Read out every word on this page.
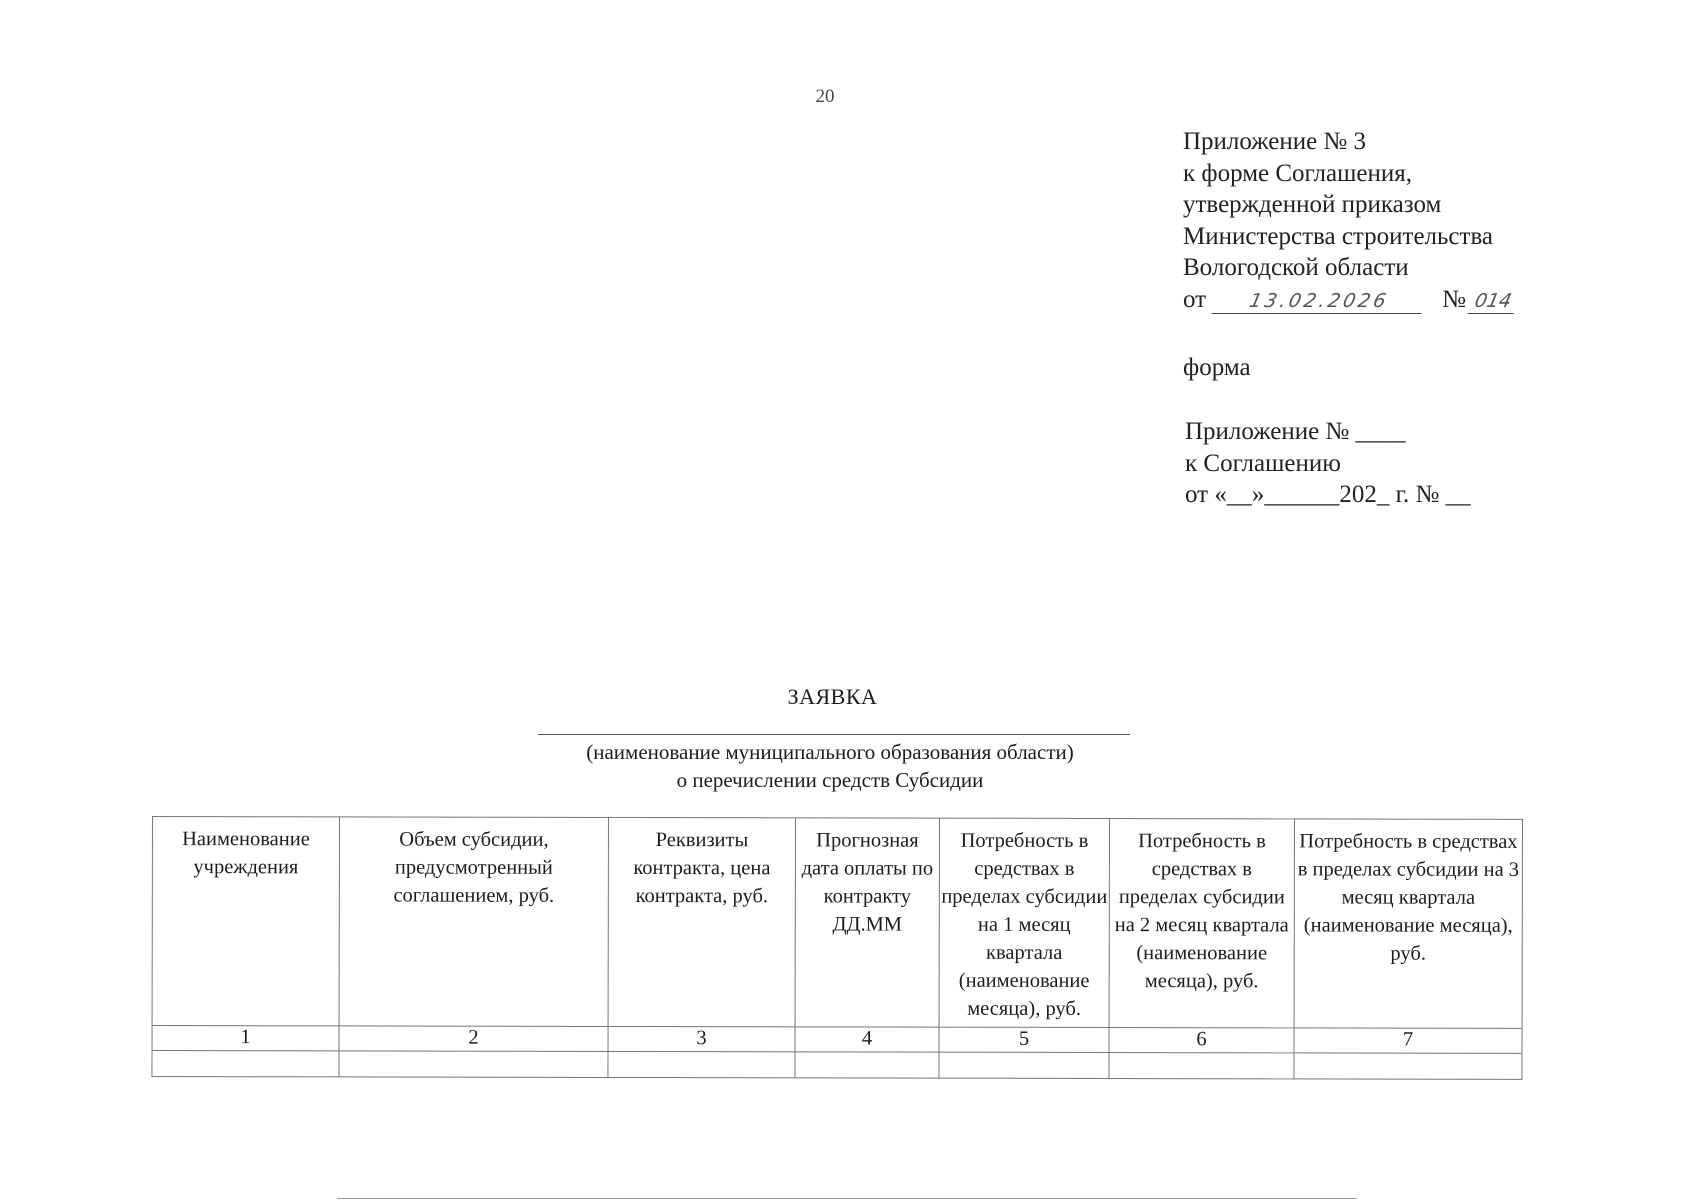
20
Приложение № 3
к форме Соглашения,
утвержденной приказом
Министерства строительства
Вологодской области
от 13.02.2026 № 014
форма
Приложение № ____
к Соглашению
от «__»______202_ г. № __
ЗАЯВКА
(наименование муниципального образования области)
о перечислении средств Субсидии
Наименование учреждения	Объем субсидии, предусмотренный соглашением, руб.	Реквизиты контракта, цена контракта, руб.	Прогнозная дата оплаты по контракту ДД.ММ	Потребность в средствах в пределах субсидии на 1 месяц квартала (наименование месяца), руб.	Потребность в средствах в пределах субсидии на 2 месяц квартала (наименование месяца), руб.	Потребность в средствах в пределах субсидии на 3 месяц квартала (наименование месяца), руб.
1	2	3	4	5	6	7
